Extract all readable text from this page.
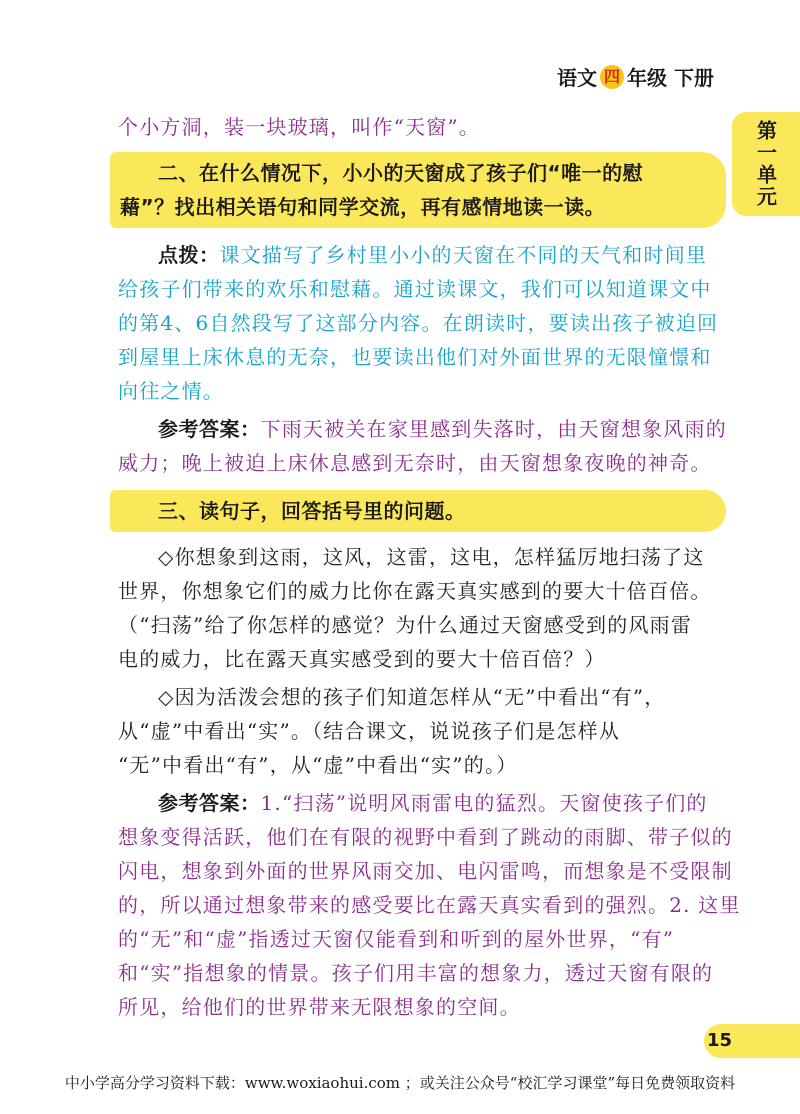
语文 四 年级 下册
第一单元
个小方洞，装一块玻璃，叫作“天窗”。
二、在什么情况下，小小的天窗成了孩子们“唯一的慰
藉”？找出相关语句和同学交流，再有感情地读一读。
点拨：课文描写了乡村里小小的天窗在不同的天气和时间里
给孩子们带来的欢乐和慰藉。通过读课文，我们可以知道课文中
的第4、6自然段写了这部分内容。在朗读时，要读出孩子被迫回
到屋里上床休息的无奈，也要读出他们对外面世界的无限憧憬和
向往之情。
参考答案：下雨天被关在家里感到失落时，由天窗想象风雨的
威力；晚上被迫上床休息感到无奈时，由天窗想象夜晚的神奇。
三、读句子，回答括号里的问题。
◇你想象到这雨，这风，这雷，这电，怎样猛厉地扫荡了这
世界，你想象它们的威力比你在露天真实感到的要大十倍百倍。
（“扫荡”给了你怎样的感觉？为什么通过天窗感受到的风雨雷
电的威力，比在露天真实感受到的要大十倍百倍？）
◇因为活泼会想的孩子们知道怎样从“无”中看出“有”，
从“虚”中看出“实”。（结合课文，说说孩子们是怎样从
“无”中看出“有”，从“虚”中看出“实”的。）
参考答案：1.“扫荡”说明风雨雷电的猛烈。天窗使孩子们的
想象变得活跃，他们在有限的视野中看到了跳动的雨脚、带子似的
闪电，想象到外面的世界风雨交加、电闪雷鸣，而想象是不受限制
的，所以通过想象带来的感受要比在露天真实看到的强烈。2. 这里
的“无”和“虚”指透过天窗仅能看到和听到的屋外世界，“有”
和“实”指想象的情景。孩子们用丰富的想象力，透过天窗有限的
所见，给他们的世界带来无限想象的空间。
15
中小学高分学习资料下载：www.woxiaohui.com ；或关注公众号“校汇学习课堂”每日免费领取资料
